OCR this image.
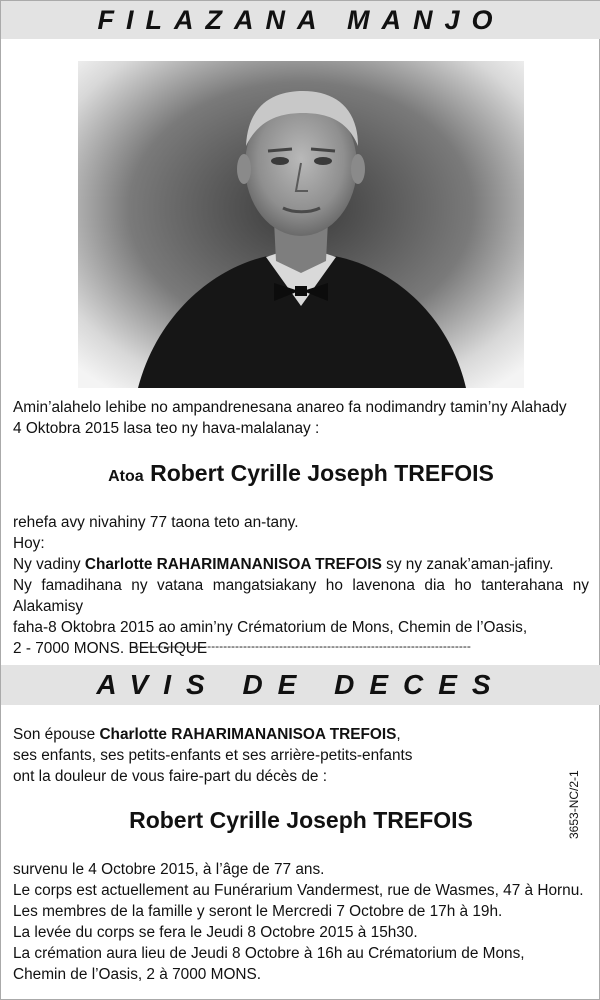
FILAZANA MANJO
Amin’alahelo lehibe no ampandrenesana anareo fa nodimandry tamin’ny Alahady
4 Oktobra 2015 lasa teo ny hava-malalanay :
Atoa Robert Cyrille Joseph TREFOIS
rehefa avy nivahiny 77 taona teto an-tany.
Hoy:
Ny vadiny Charlotte RAHARIMANANISOA TREFOIS sy ny zanak’aman-jafiny.
Ny famadihana ny vatana mangatsiakany ho lavenona dia ho tanterahana ny Alakamisy
faha-8 Oktobra 2015 ao amin’ny Crématorium de Mons, Chemin de l’Oasis,
2 - 7000 MONS. BELGIQUE
-------------------------------------------------------------------------------------
AVIS DE DECES
Son épouse Charlotte RAHARIMANANISOA TREFOIS,
ses enfants, ses petits-enfants et ses arrière-petits-enfants
ont la douleur de vous faire-part du décès de :
Robert Cyrille Joseph TREFOIS
survenu le 4 Octobre 2015, à l’âge de 77 ans.
Le corps est actuellement au Funérarium Vandermest, rue de Wasmes, 47 à Hornu.
Les membres de la famille y seront le Mercredi 7 Octobre de 17h à 19h.
La levée du corps se fera le Jeudi 8 Octobre 2015 à 15h30.
La crémation aura lieu de Jeudi 8 Octobre à 16h au Crématorium de Mons,
Chemin de l’Oasis, 2 à 7000 MONS.
3653-NC/2-1
